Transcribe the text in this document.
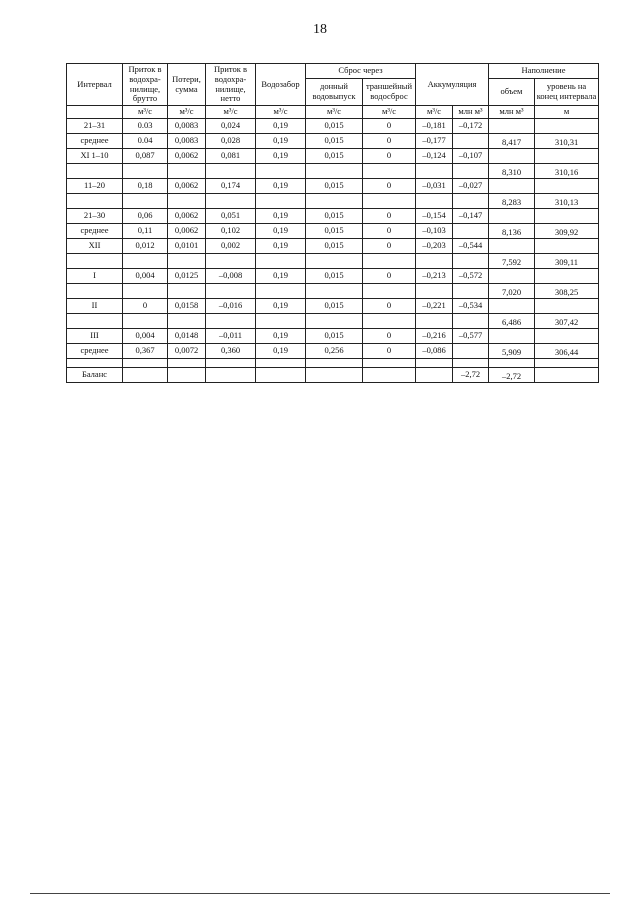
18
Интервал	Приток в водохра- нилище, брутто	Потери, сумма	Приток в водохра- нилище, нетто	Водозабор	Сброс через		Аккумуляция		Наполнение	
					донный водовыпуск	траншейный водосброс			объем	уровень на конец интервала
	м³/с	м³/с	м³/с	м³/с	м³/с	м³/с	м³/с	млн м³	млн м³	м
21–31	0.03	0,0083	0,024	0,19	0,015	0	–0,181	–0,172		
среднее	0.04	0,0083	0,028	0,19	0,015	0	–0,177		8,417	310,31
XI 1–10	0,087	0,0062	0,081	0,19	0,015	0	–0,124	–0,107		
									8,310	310,16
11–20	0,18	0,0062	0,174	0,19	0,015	0	–0,031	–0,027		
									8,283	310,13
21–30	0,06	0,0062	0,051	0,19	0,015	0	–0,154	–0,147		
среднее	0,11	0,0062	0,102	0,19	0,015	0	–0,103		8,136	309,92
XII	0,012	0,0101	0,002	0,19	0,015	0	–0,203	–0,544		
									7,592	309,11
I	0,004	0,0125	–0,008	0,19	0,015	0	–0,213	–0,572		
									7,020	308,25
II	0	0,0158	–0,016	0,19	0,015	0	–0,221	–0,534		
									6,486	307,42
III	0,004	0,0148	–0,011	0,19	0,015	0	–0,216	–0,577		
среднее	0,367	0,0072	0,360	0,19	0,256	0	–0,086		5,909	306,44

Баланс								–2,72	–2,72	
